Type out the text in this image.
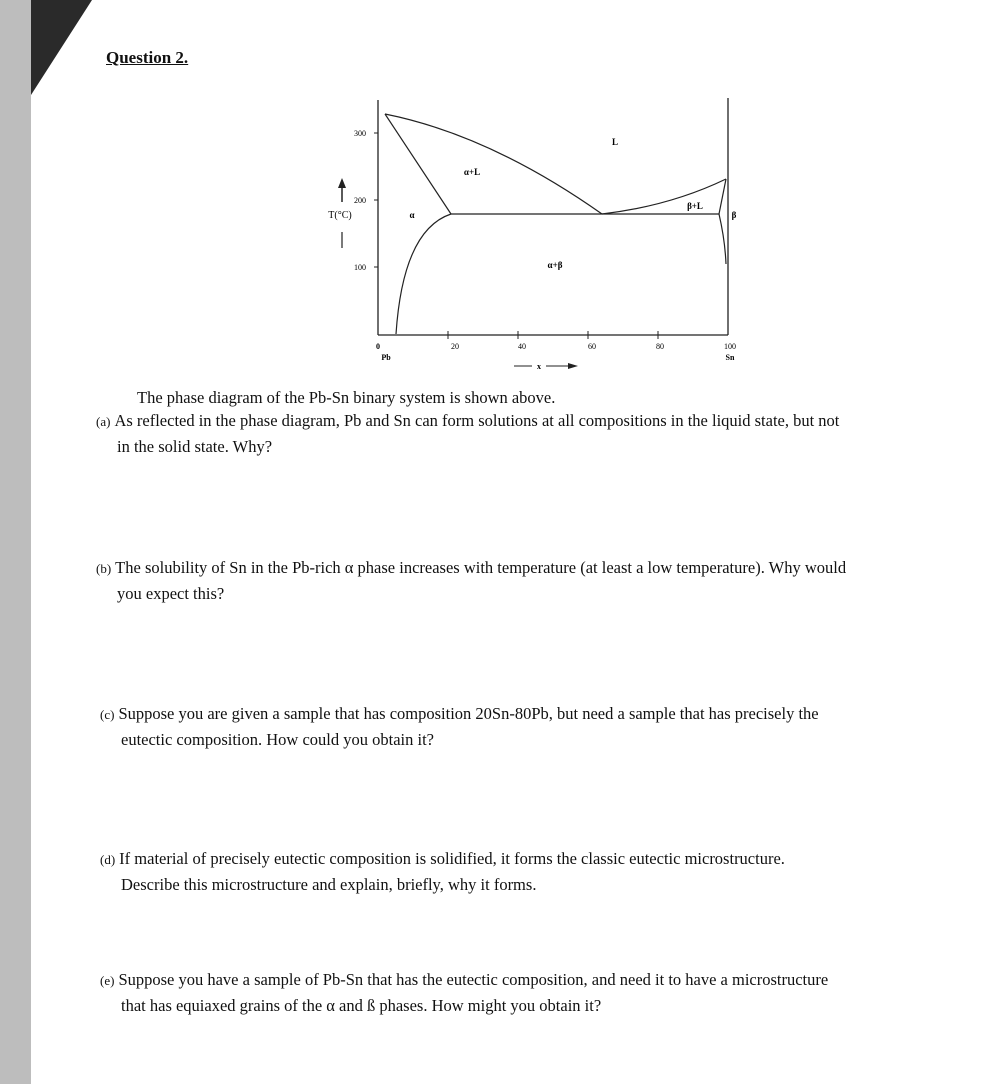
Question 2.
300
200
100
0	20	40	60	80	100
Pb	Sn
x
T(°C)
L
α+L
β+L
α
α+β
β
The phase diagram of the Pb-Sn binary system is shown above.
(a) As reflected in the phase diagram, Pb and Sn can form solutions at all compositions in the liquid state, but not
in the solid state. Why?
(b) The solubility of Sn in the Pb-rich α phase increases with temperature (at least a low temperature). Why would
you expect this?
(c) Suppose you are given a sample that has composition 20Sn-80Pb, but need a sample that has precisely the
eutectic composition. How could you obtain it?
(d) If material of precisely eutectic composition is solidified, it forms the classic eutectic microstructure.
Describe this microstructure and explain, briefly, why it forms.
(e) Suppose you have a sample of Pb-Sn that has the eutectic composition, and need it to have a microstructure
that has equiaxed grains of the α and ß phases. How might you obtain it?
